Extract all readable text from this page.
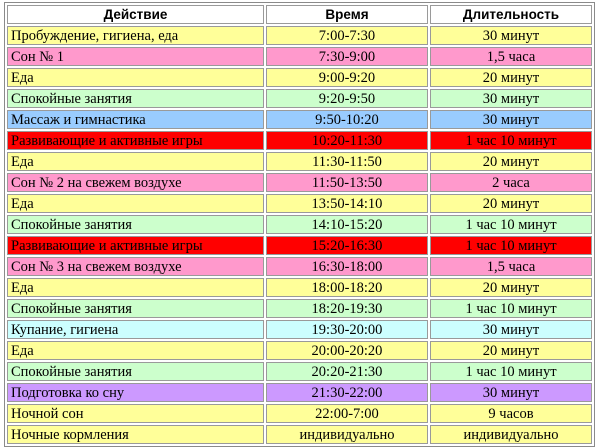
Действие	Время	Длительность
Пробуждение, гигиена, еда	7:00-7:30	30 минут
Сон № 1	7:30-9:00	1,5 часа
Еда	9:00-9:20	20 минут
Спокойные занятия	9:20-9:50	30 минут
Массаж и гимнастика	9:50-10:20	30 минут
Развивающие и активные игры	10:20-11:30	1 час 10 минут
Еда	11:30-11:50	20 минут
Сон № 2 на свежем воздухе	11:50-13:50	2 часа
Еда	13:50-14:10	20 минут
Спокойные занятия	14:10-15:20	1 час 10 минут
Развивающие и активные игры	15:20-16:30	1 час 10 минут
Сон № 3 на свежем воздухе	16:30-18:00	1,5 часа
Еда	18:00-18:20	20 минут
Спокойные занятия	18:20-19:30	1 час 10 минут
Купание, гигиена	19:30-20:00	30 минут
Еда	20:00-20:20	20 минут
Спокойные занятия	20:20-21:30	1 час 10 минут
Подготовка ко сну	21:30-22:00	30 минут
Ночной сон	22:00-7:00	9 часов
Ночные кормления	индивидуально	индивидуально
